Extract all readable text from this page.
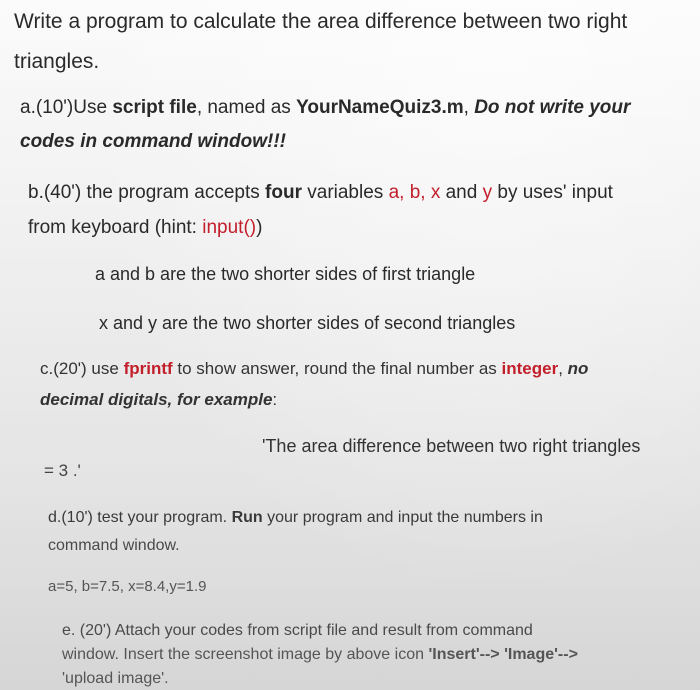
Write a program to calculate the area difference between two right

triangles.

a.(10')Use script file, named as YourNameQuiz3.m, Do not write your

codes in command window!!!

b.(40') the program accepts four variables a, b, x and y by uses' input

from keyboard (hint: input())

a and b are the two shorter sides of first triangle

x and y are the two shorter sides of second triangles

c.(20') use fprintf to show answer, round the final number as integer, no

decimal digitals, for example:

'The area difference between two right triangles

= 3 .'

d.(10') test your program. Run your program and input the numbers in

command window.

a=5, b=7.5, x=8.4,y=1.9

e. (20') Attach your codes from script file and result from command

window. Insert the screenshot image by above icon 'Insert'--> 'Image'-->

'upload image'.
